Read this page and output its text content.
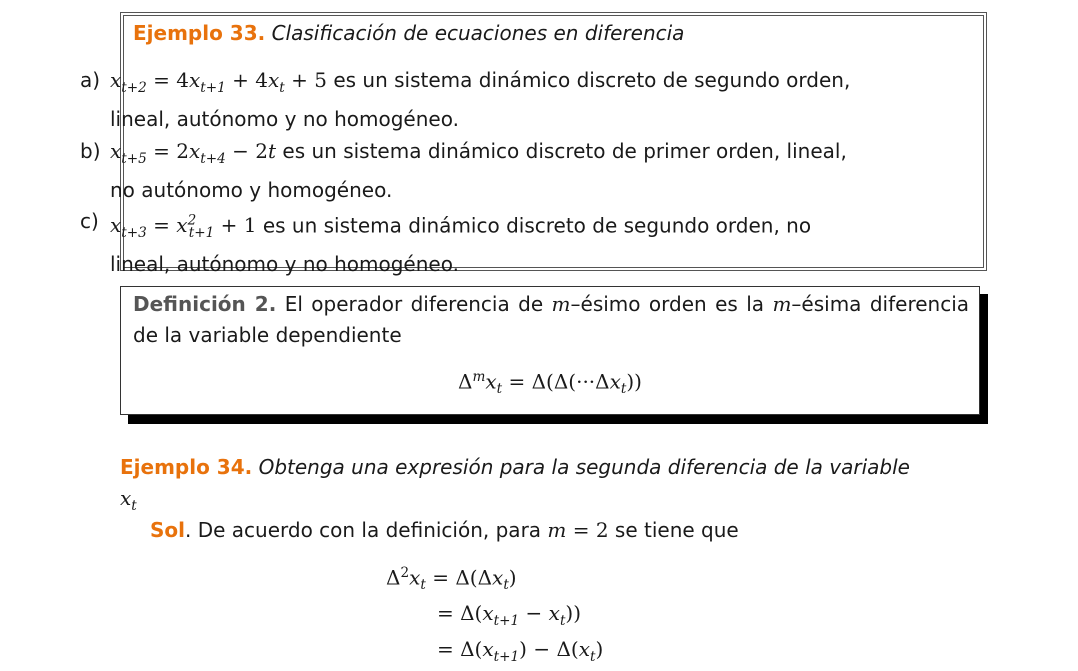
Ejemplo 33. Clasificación de ecuaciones en diferencia
a) $x_{t+2} = 4x_{t+1} + 4x_t + 5$ es un sistema dinámico discreto de segundo orden,
lineal, autónomo y no homogéneo.
b) $x_{t+5} = 2x_{t+4} - 2t$ es un sistema dinámico discreto de primer orden, lineal,
no autónomo y homogéneo.
c) $x_{t+3} = x^2_{t+1} + 1$ es un sistema dinámico discreto de segundo orden, no
lineal, autónomo y no homogéneo.
Definición 2. El operador diferencia de m–ésimo orden es la m–ésima diferencia de la variable dependiente
$\Delta^mx_t = \Delta(\Delta(\cdot\cdot\cdot\Delta x_t))$
Ejemplo 34. Obtenga una expresión para la segunda diferencia de la variable
$x_t$
Sol. De acuerdo con la definición, para m = 2 se tiene que
$\Delta^2x_t = \Delta(\Delta x_t)$
= $\Delta(x_{t+1} - x_t)$)
= $\Delta(x_{t+1}) - \Delta(x_t)$
